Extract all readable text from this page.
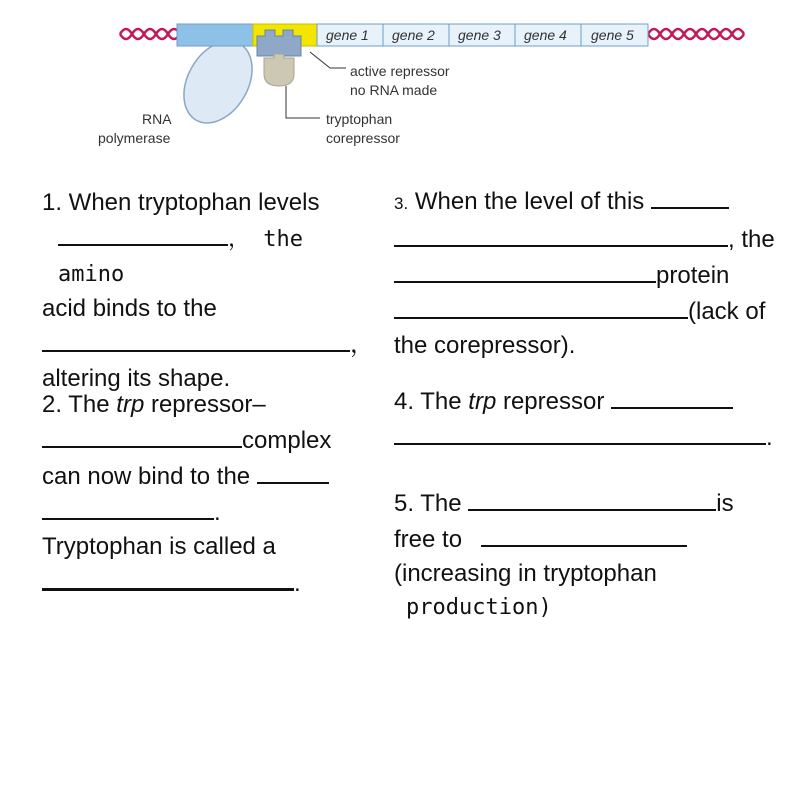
gene 1 gene 2 gene 3 gene 4 gene 5
active repressor
no RNA made
RNA
polymerase
tryptophan
corepressor
1. When tryptophan levels
， the amino
acid binds to the
，
altering its shape.
2. The trp repressor–
complex
can now bind to the
.
Tryptophan is called a
.
3. When the level of this
, the
protein
(lack of
the corepressor).
4. The trp repressor
.
5. The	is
free to
(increasing in tryptophan
production)
